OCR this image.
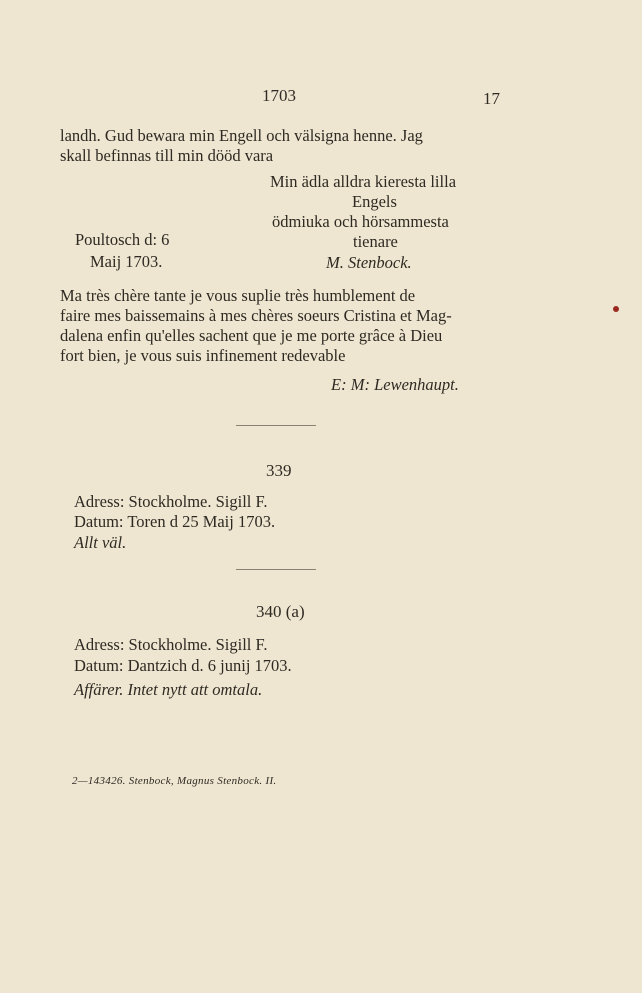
1703	17
landh. Gud bewara min Engell och välsigna henne. Jag
skall befinnas till min dööd vara
Min ädla alldra kieresta lilla
Engels
ödmiuka och hörsammesta
tienare
M. Stenbock.
Poultosch d: 6
Maij 1703.
Ma très chère tante je vous suplie très humblement de
faire mes baissemains à mes chères soeurs Cristina et Mag-
dalena enfin qu'elles sachent que je me porte grâce à Dieu
fort bien, je vous suis infinement redevable
E: M: Lewenhaupt.
339
Adress: Stockholme. Sigill F.
Datum: Toren d 25 Maij 1703.
Allt väl.
340 (a)
Adress: Stockholme. Sigill F.
Datum: Dantzich d. 6 junij 1703.
Affärer. Intet nytt att omtala.
2—143426. Stenbock, Magnus Stenbock. II.
